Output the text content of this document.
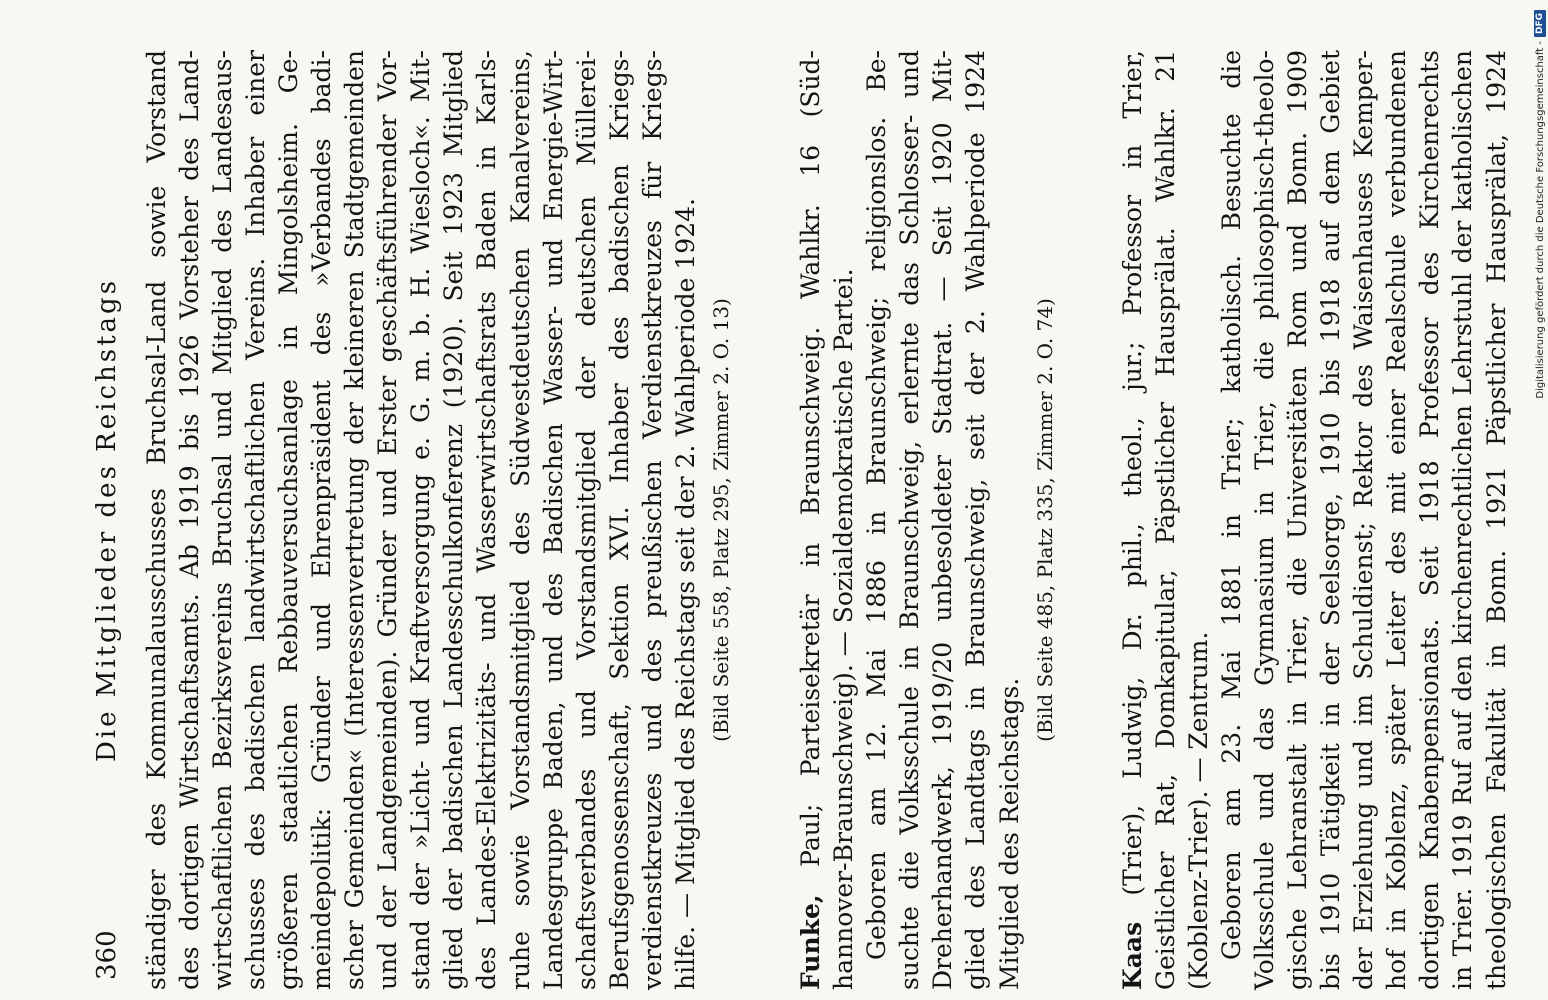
360
Die Mitglieder des Reichstags ständiger des Kommunalausschusses Bruchsal-Land sowie Vorstand des dortigen Wirtschaftsamts. Ab 1919 bis 1926 Vorsteher des Land- wirtschaftlichen Bezirksvereins Bruchsal und Mitglied des Landesaus- schusses des badischen landwirtschaftlichen Vereins. Inhaber einer größeren staatlichen Rebbauversuchsanlage in Mingolsheim. Ge- meindepolitik: Gründer und Ehrenpräsident des »Verbandes badi- scher Gemeinden« (Interessenvertretung der kleineren Stadtgemeinden und der Landgemeinden). Gründer und Erster geschäftsführender Vor- stand der »Licht- und Kraftversorgung e. G. m. b. H. Wiesloch«. Mit- glied der badischen Landesschulkonferenz (1920). Seit 1923 Mitglied des Landes-Elektrizitäts- und Wasserwirtschaftsrats Baden in Karls- ruhe sowie Vorstandsmitglied des Südwestdeutschen Kanalvereins, Landesgruppe Baden, und des Badischen Wasser- und Energie-Wirt- schaftsverbandes und Vorstandsmitglied der deutschen Müllerei- Berufsgenossenschaft, Sektion XVI. Inhaber des badischen Kriegs- verdienstkreuzes und des preußischen Verdienstkreuzes für Kriegs- hilfe. — Mitglied des Reichstags seit der 2. Wahlperiode 1924. (Bild Seite 558, Platz 295, Zimmer 2. O. 13)
Funke, Paul; Parteisekretär in Braunschweig. Wahlkr. 16 (Süd- hannover-Braunschweig). — Sozialdemokratische Partei. Geboren am 12. Mai 1886 in Braunschweig; religionslos. Be- suchte die Volksschule in Braunschweig, erlernte das Schlosser- und Dreherhandwerk, 1919/20 unbesoldeter Stadtrat. — Seit 1920 Mit- glied des Landtags in Braunschweig, seit der 2. Wahlperiode 1924 Mitglied des Reichstags.
(Bild Seite 485, Platz 335, Zimmer 2. O. 74)
Kaas (Trier), Ludwig, Dr. phil., theol., jur.; Professor in Trier, Geistlicher Rat, Domkapitular, Päpstlicher Hausprälat. Wahlkr. 21 (Koblenz-Trier). — Zentrum. Geboren am 23. Mai 1881 in Trier; katholisch. Besuchte die Volksschule und das Gymnasium in Trier, die philosophisch-theolo- gische Lehranstalt in Trier, die Universitäten Rom und Bonn. 1909 bis 1910 Tätigkeit in der Seelsorge, 1910 bis 1918 auf dem Gebiet der Erziehung und im Schuldienst; Rektor des Waisenhauses Kemper- hof in Koblenz, später Leiter des mit einer Realschule verbundenen dortigen Knabenpensionats. Seit 1918 Professor des Kirchenrechts in Trier. 1919 Ruf auf den kirchenrechtlichen Lehrstuhl der katholischen theologischen Fakultät in Bonn. 1921 Päpstlicher Hausprälat, 1924 Digitalisierung gefördert durch die Deutsche Forschungsgemeinschaft -
DFG
